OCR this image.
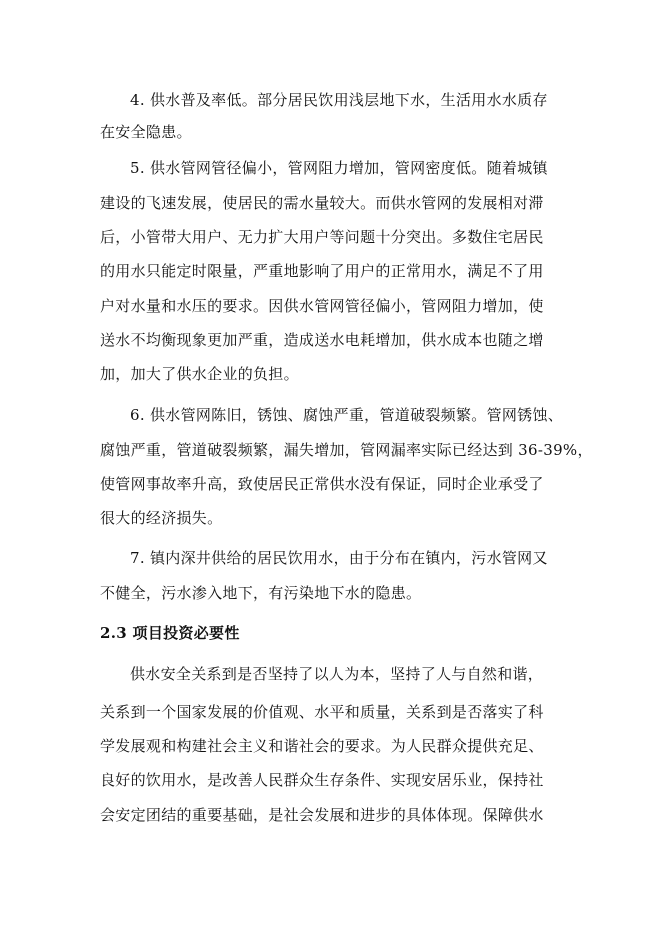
4. 供水普及率低。部分居民饮用浅层地下水，生活用水水质存
在安全隐患。
5. 供水管网管径偏小，管网阻力增加，管网密度低。随着城镇
建设的飞速发展，使居民的需水量较大。而供水管网的发展相对滞
后，小管带大用户、无力扩大用户等问题十分突出。多数住宅居民
的用水只能定时限量，严重地影响了用户的正常用水，满足不了用
户对水量和水压的要求。因供水管网管径偏小，管网阻力增加，使
送水不均衡现象更加严重，造成送水电耗增加，供水成本也随之增
加，加大了供水企业的负担。
6. 供水管网陈旧，锈蚀、腐蚀严重，管道破裂频繁。管网锈蚀、
腐蚀严重，管道破裂频繁，漏失增加，管网漏率实际已经达到 36-39%，
使管网事故率升高，致使居民正常供水没有保证，同时企业承受了
很大的经济损失。
7. 镇内深井供给的居民饮用水，由于分布在镇内，污水管网又
不健全，污水渗入地下，有污染地下水的隐患。
2.3 项目投资必要性
供水安全关系到是否坚持了以人为本，坚持了人与自然和谐，
关系到一个国家发展的价值观、水平和质量，关系到是否落实了科
学发展观和构建社会主义和谐社会的要求。为人民群众提供充足、
良好的饮用水，是改善人民群众生存条件、实现安居乐业，保持社
会安定团结的重要基础，是社会发展和进步的具体体现。保障供水
